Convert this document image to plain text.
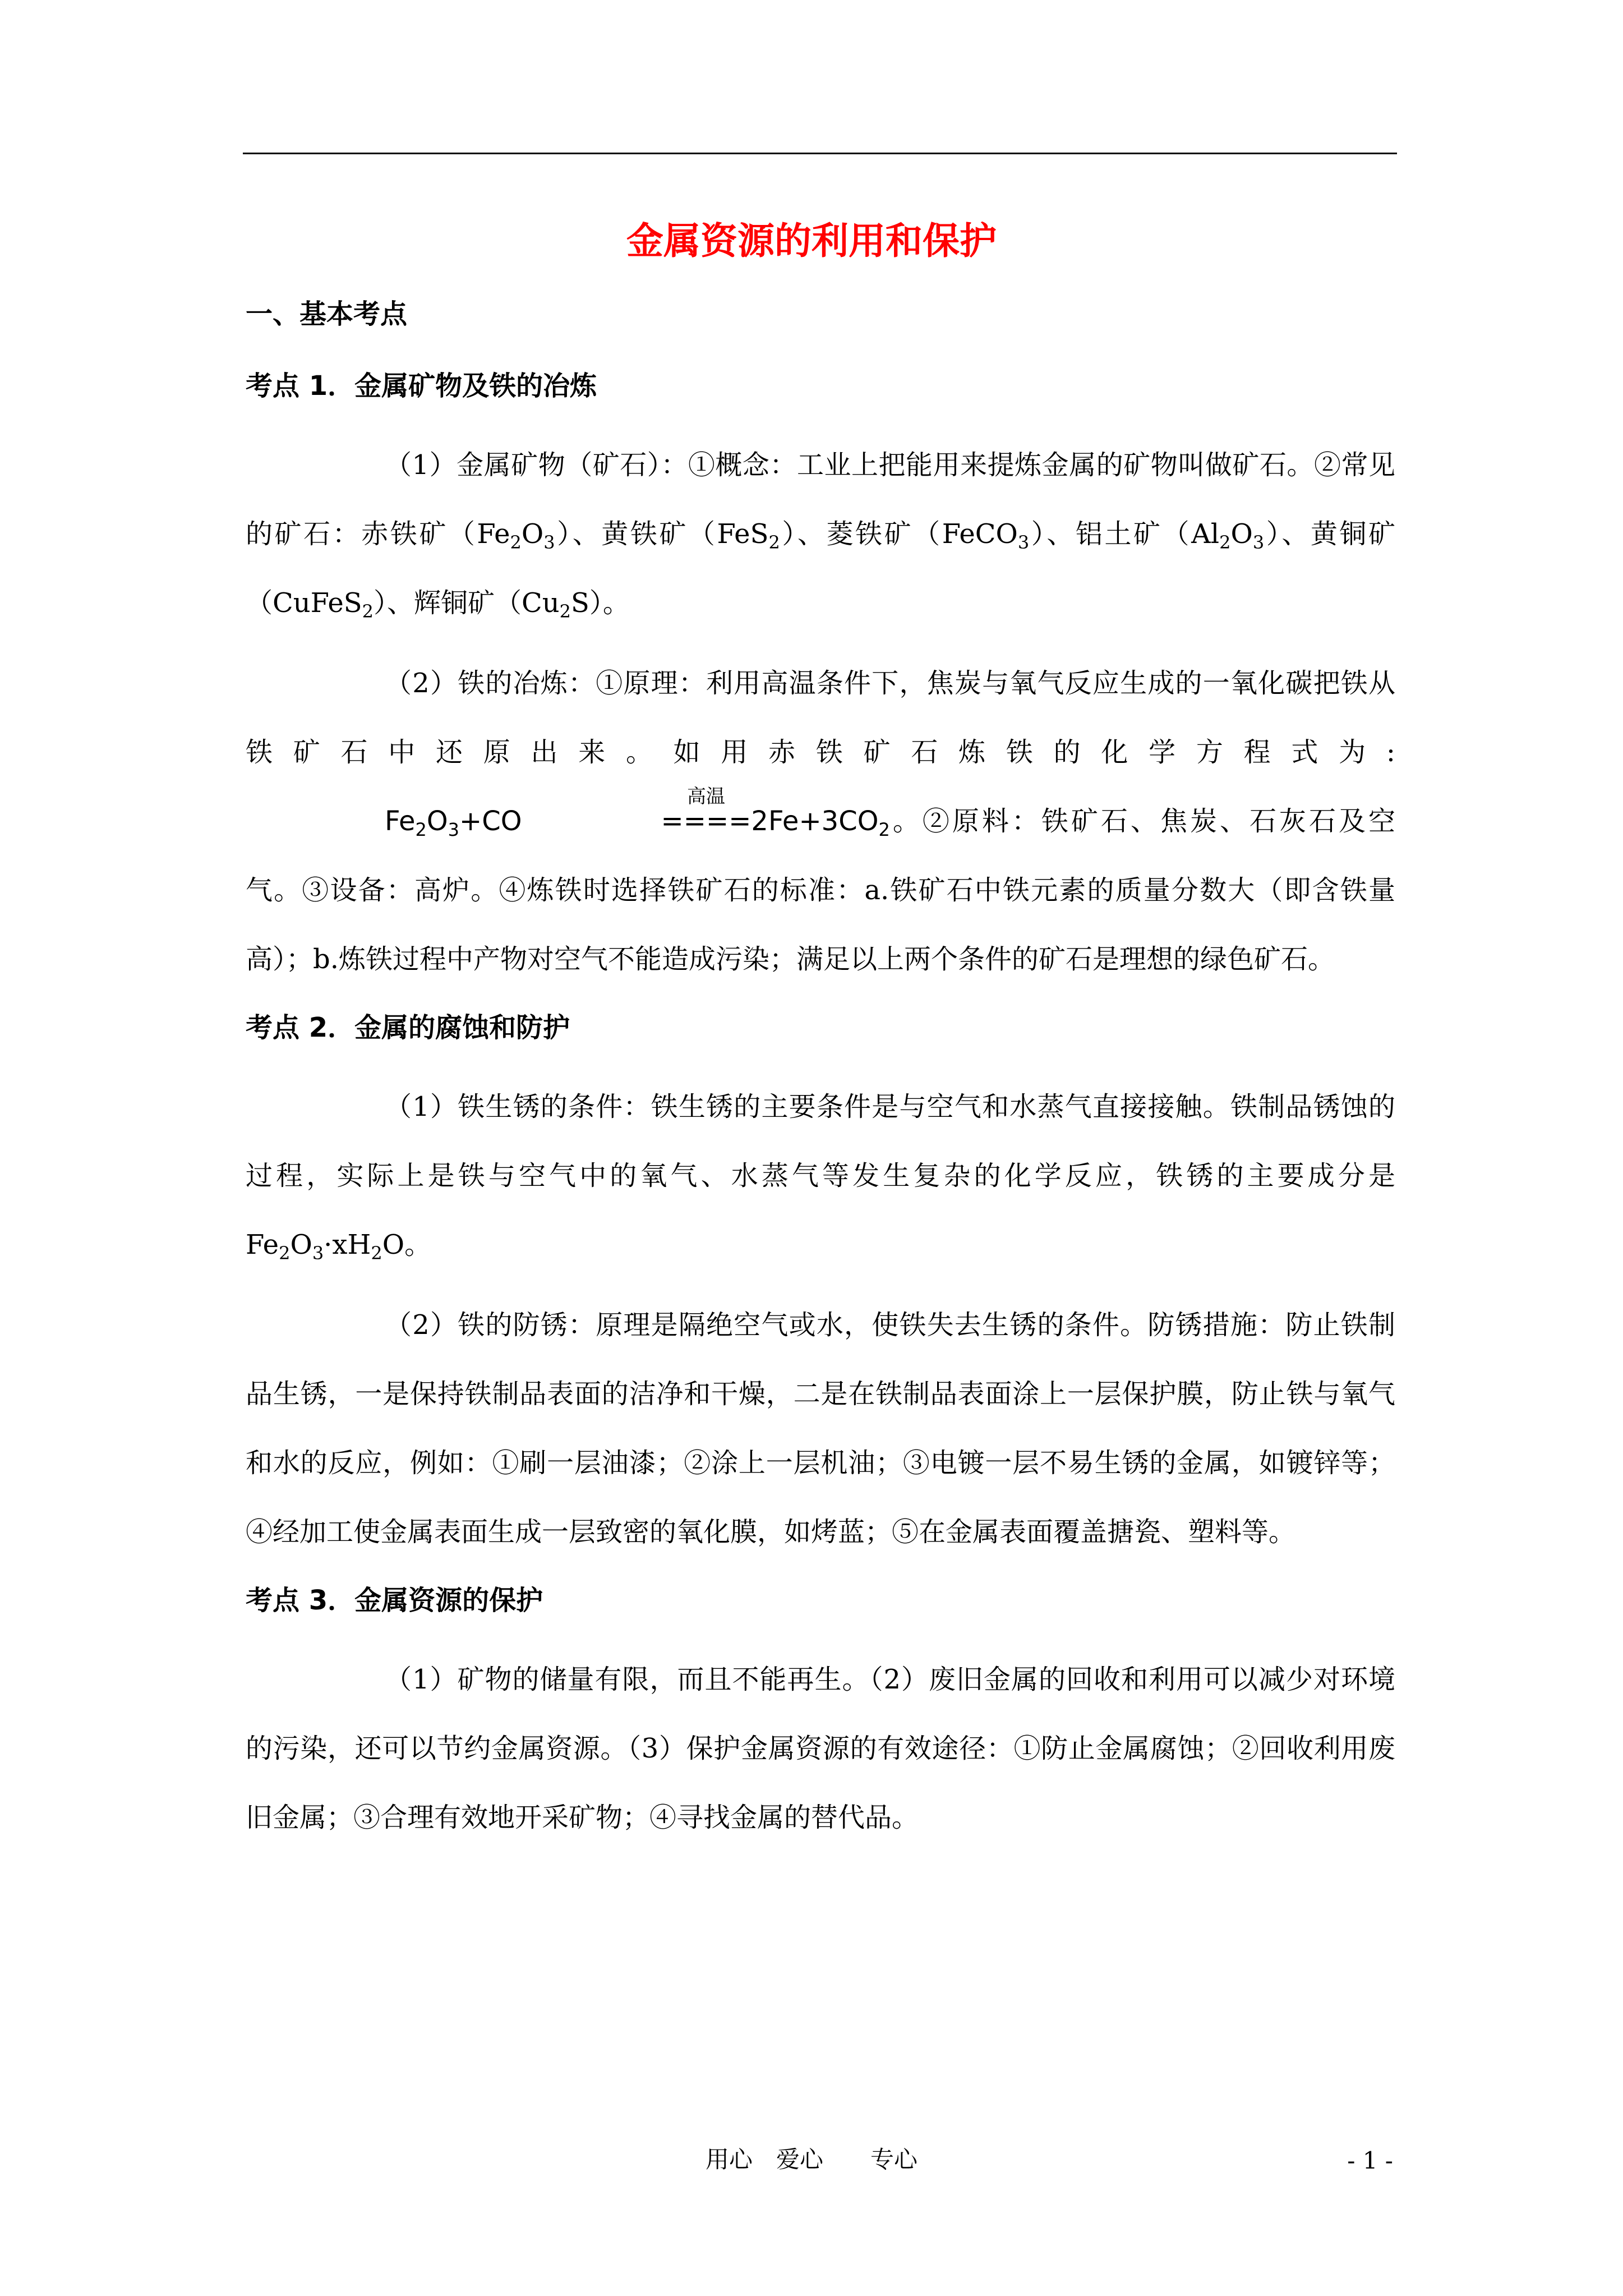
金属资源的利用和保护
一、基本考点
考点 1．金属矿物及铁的冶炼

（1）金属矿物（矿石）：①概念：工业上把能用来提炼金属的矿物叫做矿石。②常见的矿石：赤铁矿$(Fe_2O_3)$、黄铁矿（FeS$_2$）、菱铁矿（FeCO$_3$）、铝土矿$(Al_2O_3)$、黄铜矿（CuFeS$_2$）、辉铜矿$(Cu_2S)$。

（2）铁的冶炼：①原理：利用高温条件下，焦炭与氧气反应生成的一氧化碳把铁从铁矿石中还原出来。如用赤铁矿石炼铁的化学方程式为$:Fe_2O_3+CO$
高温
$====2Fe+3CO_2$。②原料：铁矿石、焦炭、石灰石及空气。③设备：高炉。④炼铁时选择铁矿石的标准：a.铁矿石中铁元素的质量分数大（即含铁量高）；b.炼铁过程中产物对空气不能造成污染；满足以上两个条件的矿石是理想的绿色矿石。

考点 2．金属的腐蚀和防护

（1）铁生锈的条件：铁生锈的主要条件是与空气和水蒸气直接接触。铁制品锈蚀的过程，实际上是铁与空气中的氧气、水蒸气等发生复杂的化学反应，铁锈的主要成分是$Fe_2O_3\cdot xH_2O$。

（2）铁的防锈：原理是隔绝空气或水，使铁失去生锈的条件。防锈措施：防止铁制品生锈，一是保持铁制品表面的洁净和干燥，二是在铁制品表面涂上一层保护膜，防止铁与氧气和水的反应，例如：①刷一层油漆；②涂上一层机油；③电镀一层不易生锈的金属，如镀锌等；④经加工使金属表面生成一层致密的氧化膜，如烤蓝；⑤在金属表面覆盖搪瓷、塑料等。

考点 3．金属资源的保护

（1）矿物的储量有限，而且不能再生。（2）废旧金属的回收和利用可以减少对环境的污染，还可以节约金属资源。（3）保护金属资源的有效途径：①防止金属腐蚀；②回收利用废旧金属；③合理有效地开采矿物；④寻找金属的替代品。

用心　爱心　　专心	- 1 -
